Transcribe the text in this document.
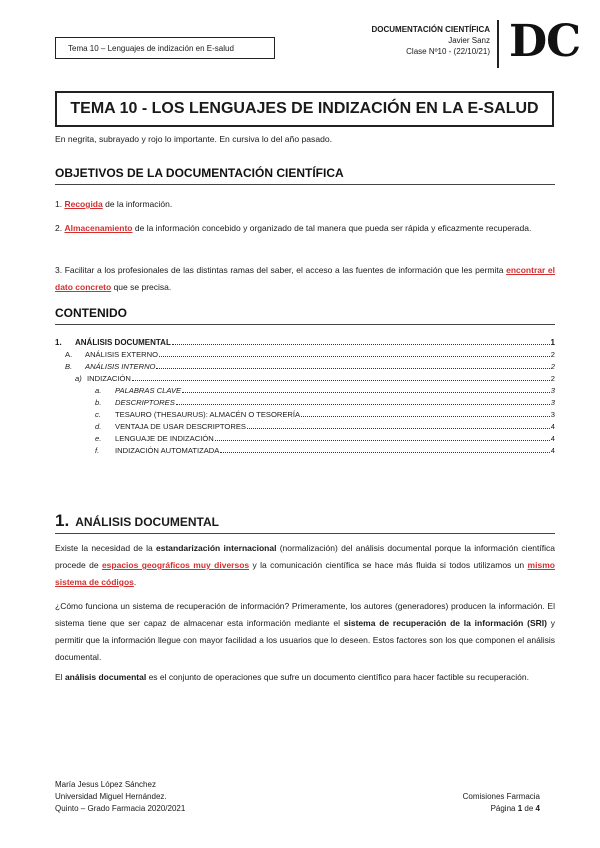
Tema 10 – Lenguajes de indización en E-salud
DOCUMENTACIÓN CIENTÍFICA
Javier Sanz
Clase Nº10 - (22/10/21) DC
TEMA 10 - LOS LENGUAJES DE INDIZACIÓN EN LA E-SALUD
En negrita, subrayado y rojo lo importante. En cursiva lo del año pasado.
OBJETIVOS DE LA DOCUMENTACIÓN CIENTÍFICA
1. Recogida de la información.
2. Almacenamiento de la información concebido y organizado de tal manera que pueda ser rápida y eficazmente recuperada.
3. Facilitar a los profesionales de las distintas ramas del saber, el acceso a las fuentes de información que les permita encontrar el dato concreto que se precisa.
CONTENIDO
1. ANÁLISIS DOCUMENTAL	1
A. ANÁLISIS EXTERNO	2
B. ANÁLISIS INTERNO	2
a) INDIZACIÓN	2
a. PALABRAS CLAVE	3
b. DESCRIPTORES	3
c. TESAURO (THESAURUS): ALMACÉN O TESORERÍA	3
d. VENTAJA DE USAR DESCRIPTORES	4
e. LENGUAJE DE INDIZACIÓN	4
f. INDIZACIÓN AUTOMATIZADA	4
1. ANÁLISIS DOCUMENTAL
Existe la necesidad de la estandarización internacional (normalización) del análisis documental porque la información científica procede de espacios geográficos muy diversos y la comunicación científica se hace más fluida si todos utilizamos un mismo sistema de códigos.
¿Cómo funciona un sistema de recuperación de información? Primeramente, los autores (generadores) producen la información. El sistema tiene que ser capaz de almacenar esta información mediante el sistema de recuperación de la información (SRI) y permitir que la información llegue con mayor facilidad a los usuarios que lo deseen. Estos factores son los que componen el análisis documental.
El análisis documental es el conjunto de operaciones que sufre un documento científico para hacer factible su recuperación.
María Jesus López Sánchez
Universidad Miguel Hernández.
Quinto – Grado Farmacia 2020/2021
Comisiones Farmacia
Página 1 de 4
